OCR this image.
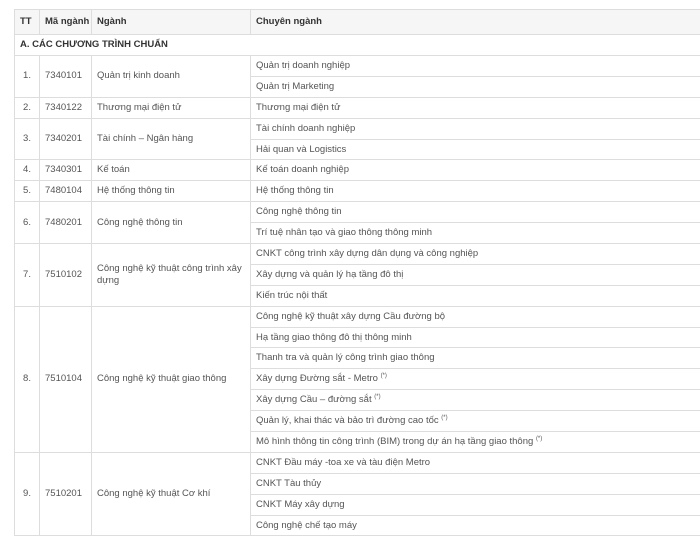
TT	Mã ngành	Ngành	Chuyên ngành
A. CÁC CHƯƠNG TRÌNH CHUẨN			
1.	7340101	Quản trị kinh doanh	Quản trị doanh nghiệp
			Quản trị Marketing
2.	7340122	Thương mại điện tử	Thương mại điện tử
3.	7340201	Tài chính – Ngân hàng	Tài chính doanh nghiệp
			Hải quan và Logistics
4.	7340301	Kế toán	Kế toán doanh nghiệp
5.	7480104	Hệ thống thông tin	Hệ thống thông tin
6.	7480201	Công nghệ thông tin	Công nghệ thông tin
			Trí tuệ nhân tạo và giao thông thông minh
7.	7510102	Công nghệ kỹ thuật công trình xây dựng	CNKT công trình xây dựng dân dụng và công nghiệp
			Xây dựng và quản lý hạ tầng đô thị
			Kiến trúc nội thất
8.	7510104	Công nghệ kỹ thuật giao thông	Công nghệ kỹ thuật xây dựng Cầu đường bộ
			Hạ tầng giao thông đô thị thông minh
			Thanh tra và quản lý công trình giao thông
			Xây dựng Đường sắt - Metro (*)
			Xây dựng Cầu – đường sắt (*)
			Quản lý, khai thác và bảo trì đường cao tốc (*)
			Mô hình thông tin công trình (BIM) trong dự án hạ tầng giao thông (*)
9.	7510201	Công nghệ kỹ thuật Cơ khí	CNKT Đầu máy -toa xe và tàu điện Metro
			CNKT Tàu thủy
			CNKT Máy xây dựng
			Công nghệ chế tạo máy
